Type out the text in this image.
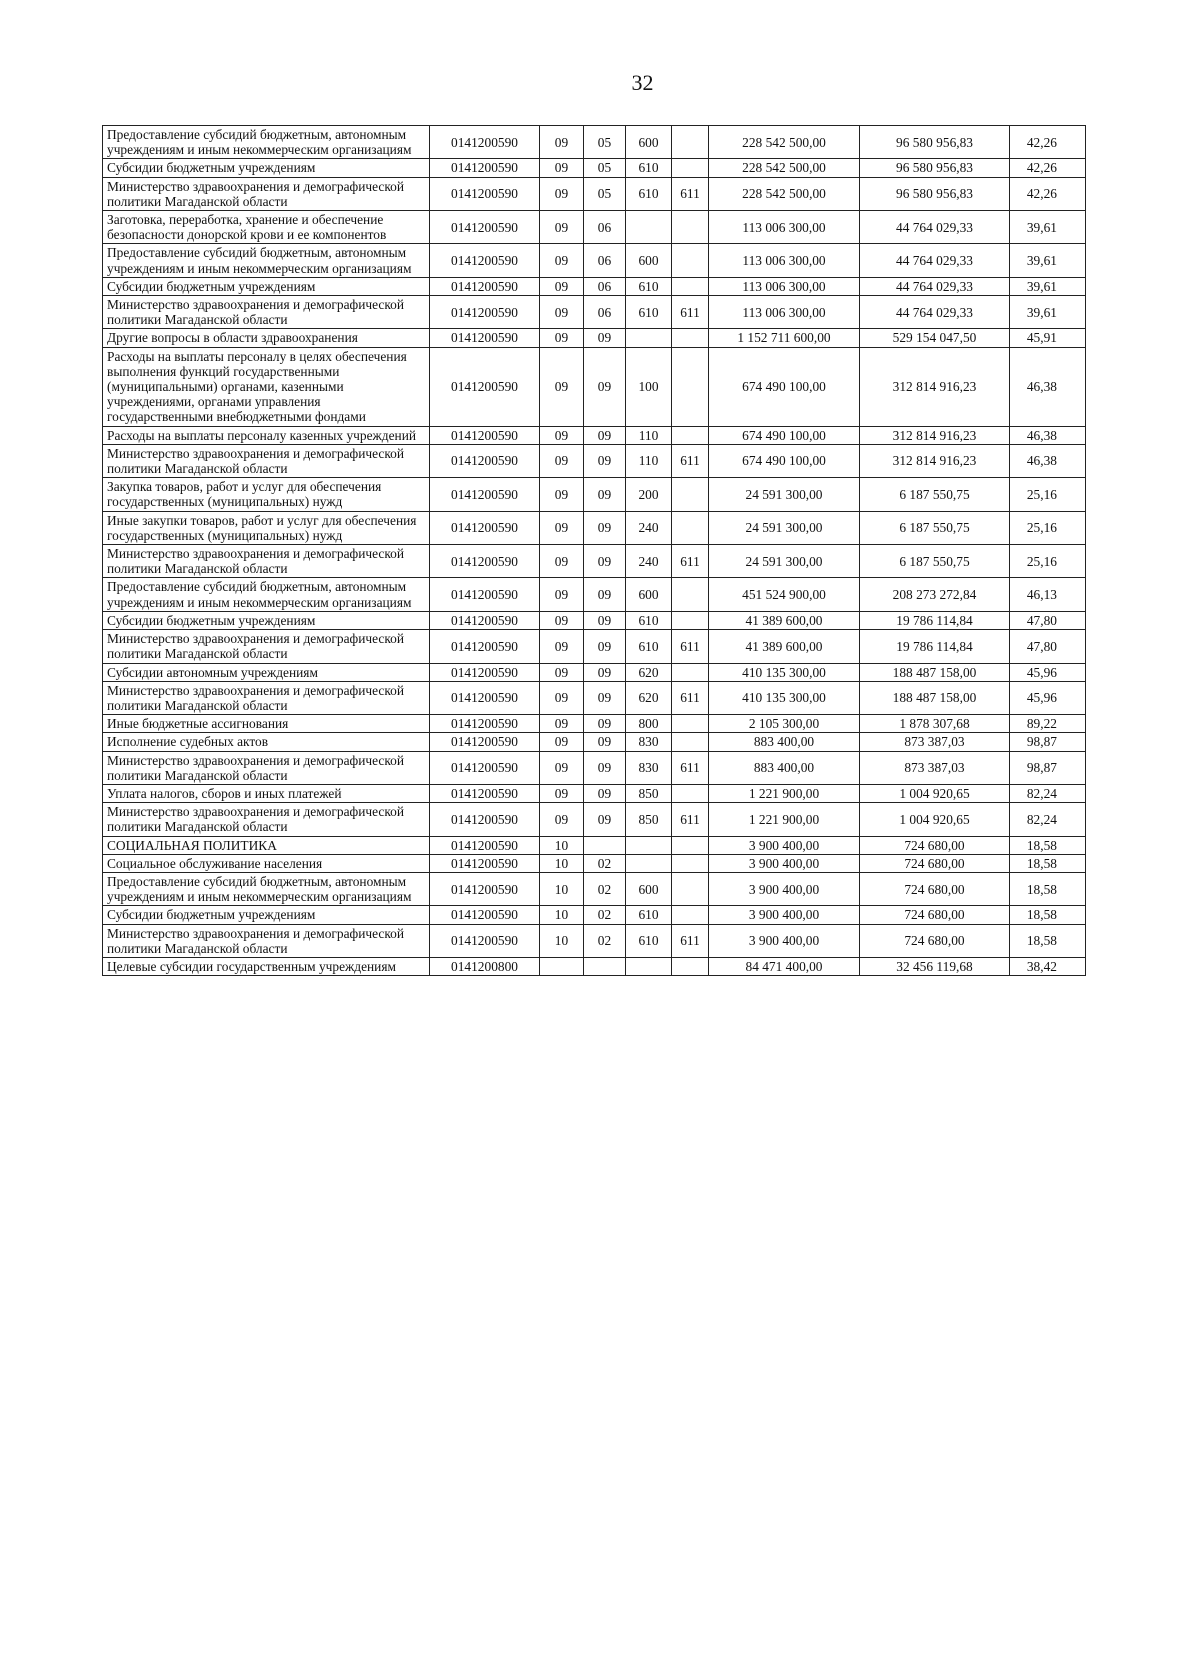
32
Предоставление субсидий бюджетным, автономным учреждениям и иным некоммерческим организациям	0141200590	09	05	600		228 542 500,00	96 580 956,83	42,26
Субсидии бюджетным учреждениям	0141200590	09	05	610		228 542 500,00	96 580 956,83	42,26
Министерство здравоохранения и демографической политики Магаданской области	0141200590	09	05	610	611	228 542 500,00	96 580 956,83	42,26
Заготовка, переработка, хранение и обеспечение безопасности донорской крови и ее компонентов	0141200590	09	06			113 006 300,00	44 764 029,33	39,61
Предоставление субсидий бюджетным, автономным учреждениям и иным некоммерческим организациям	0141200590	09	06	600		113 006 300,00	44 764 029,33	39,61
Субсидии бюджетным учреждениям	0141200590	09	06	610		113 006 300,00	44 764 029,33	39,61
Министерство здравоохранения и демографической политики Магаданской области	0141200590	09	06	610	611	113 006 300,00	44 764 029,33	39,61
Другие вопросы в области здравоохранения	0141200590	09	09			1 152 711 600,00	529 154 047,50	45,91
Расходы на выплаты персоналу в целях обеспечения выполнения функций государственными (муниципальными) органами, казенными учреждениями, органами управления государственными внебюджетными фондами	0141200590	09	09	100		674 490 100,00	312 814 916,23	46,38
Расходы на выплаты персоналу казенных учреждений	0141200590	09	09	110		674 490 100,00	312 814 916,23	46,38
Министерство здравоохранения и демографической политики Магаданской области	0141200590	09	09	110	611	674 490 100,00	312 814 916,23	46,38
Закупка товаров, работ и услуг для обеспечения государственных (муниципальных) нужд	0141200590	09	09	200		24 591 300,00	6 187 550,75	25,16
Иные закупки товаров, работ и услуг для обеспечения государственных (муниципальных) нужд	0141200590	09	09	240		24 591 300,00	6 187 550,75	25,16
Министерство здравоохранения и демографической политики Магаданской области	0141200590	09	09	240	611	24 591 300,00	6 187 550,75	25,16
Предоставление субсидий бюджетным, автономным учреждениям и иным некоммерческим организациям	0141200590	09	09	600		451 524 900,00	208 273 272,84	46,13
Субсидии бюджетным учреждениям	0141200590	09	09	610		41 389 600,00	19 786 114,84	47,80
Министерство здравоохранения и демографической политики Магаданской области	0141200590	09	09	610	611	41 389 600,00	19 786 114,84	47,80
Субсидии автономным учреждениям	0141200590	09	09	620		410 135 300,00	188 487 158,00	45,96
Министерство здравоохранения и демографической политики Магаданской области	0141200590	09	09	620	611	410 135 300,00	188 487 158,00	45,96
Иные бюджетные ассигнования	0141200590	09	09	800		2 105 300,00	1 878 307,68	89,22
Исполнение судебных актов	0141200590	09	09	830		883 400,00	873 387,03	98,87
Министерство здравоохранения и демографической политики Магаданской области	0141200590	09	09	830	611	883 400,00	873 387,03	98,87
Уплата налогов, сборов и иных платежей	0141200590	09	09	850		1 221 900,00	1 004 920,65	82,24
Министерство здравоохранения и демографической политики Магаданской области	0141200590	09	09	850	611	1 221 900,00	1 004 920,65	82,24
СОЦИАЛЬНАЯ ПОЛИТИКА	0141200590	10				3 900 400,00	724 680,00	18,58
Социальное обслуживание населения	0141200590	10	02			3 900 400,00	724 680,00	18,58
Предоставление субсидий бюджетным, автономным учреждениям и иным некоммерческим организациям	0141200590	10	02	600		3 900 400,00	724 680,00	18,58
Субсидии бюджетным учреждениям	0141200590	10	02	610		3 900 400,00	724 680,00	18,58
Министерство здравоохранения и демографической политики Магаданской области	0141200590	10	02	610	611	3 900 400,00	724 680,00	18,58
Целевые субсидии государственным учреждениям	0141200800					84 471 400,00	32 456 119,68	38,42
